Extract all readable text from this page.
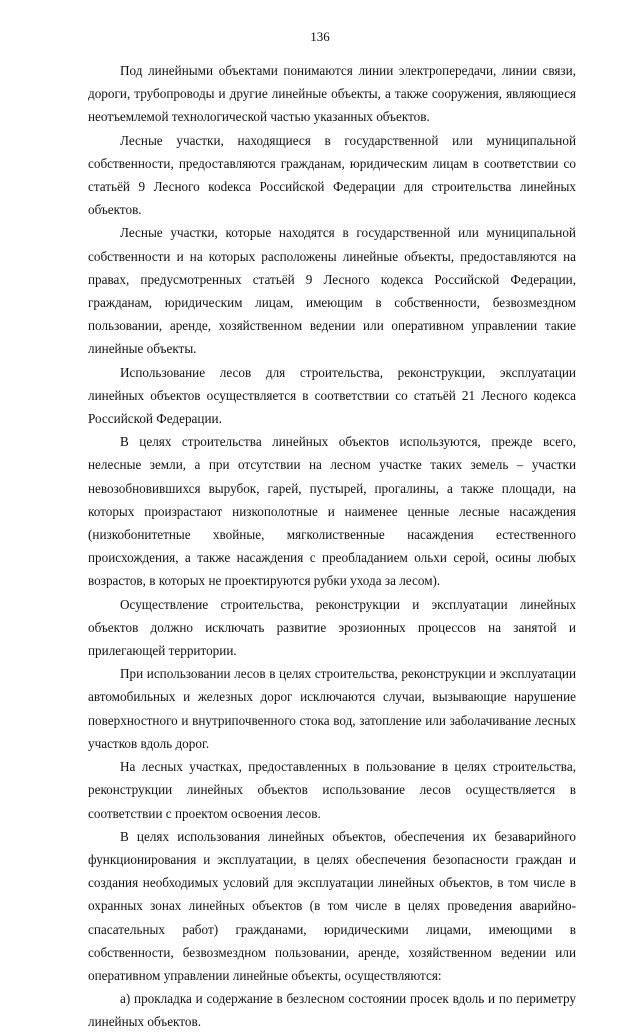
136

Под линейными объектами понимаются линии электропередачи, линии связи, дороги, трубопроводы и другие линейные объекты, а также сооружения, являющиеся неотъемлемой технологической частью указанных объектов.

Лесные участки, находящиеся в государственной или муниципальной собственности, предоставляются гражданам, юридическим лицам в соответствии со статьёй 9 Лесного коdекса Российской Федерации для строительства линейных объектов.

Лесные участки, которые находятся в государственной или муниципальной собственности и на которых расположены линейные объекты, предоставляются на правах, предусмотренных статьёй 9 Лесного кодекса Российской Федерации, гражданам, юридическим лицам, имеющим в собственности, безвозмездном пользовании, аренде, хозяйственном ведении или оперативном управлении такие линейные объекты.

Использование лесов для строительства, реконструкции, эксплуатации линейных объектов осуществляется в соответствии со статьёй 21 Лесного кодекса Российской Федерации.

В целях строительства линейных объектов используются, прежде всего, нелесные земли, а при отсутствии на лесном участке таких земель – участки невозобновившихся вырубок, гарей, пустырей, прогалины, а также площади, на которых произрастают низкополотные и наименее ценные лесные насаждения (низкобонитетные хвойные, мягколиственные насаждения естественного происхождения, а также насаждения с преобладанием ольхи серой, осины любых возрастов, в которых не проектируются рубки ухода за лесом).

Осуществление строительства, реконструкции и эксплуатации линейных объектов должно исключать развитие эрозионных процессов на занятой и прилегающей территории.

При использовании лесов в целях строительства, реконструкции и эксплуатации автомобильных и железных дорог исключаются случаи, вызывающие нарушение поверхностного и внутрипочвенного стока вод, затопление или заболачивание лесных участков вдоль дорог.

На лесных участках, предоставленных в пользование в целях строительства, реконструкции линейных объектов использование лесов осуществляется в соответствии с проектом освоения лесов.

В целях использования линейных объектов, обеспечения их безаварийного функционирования и эксплуатации, в целях обеспечения безопасности граждан и создания необходимых условий для эксплуатации линейных объектов, в том числе в охранных зонах линейных объектов (в том числе в целях проведения аварийно-спасательных работ) гражданами, юридическими лицами, имеющими в собственности, безвозмездном пользовании, аренде, хозяйственном ведении или оперативном управлении линейные объекты, осуществляются:

а) прокладка и содержание в безлесном состоянии просек вдоль и по периметру линейных объектов.
